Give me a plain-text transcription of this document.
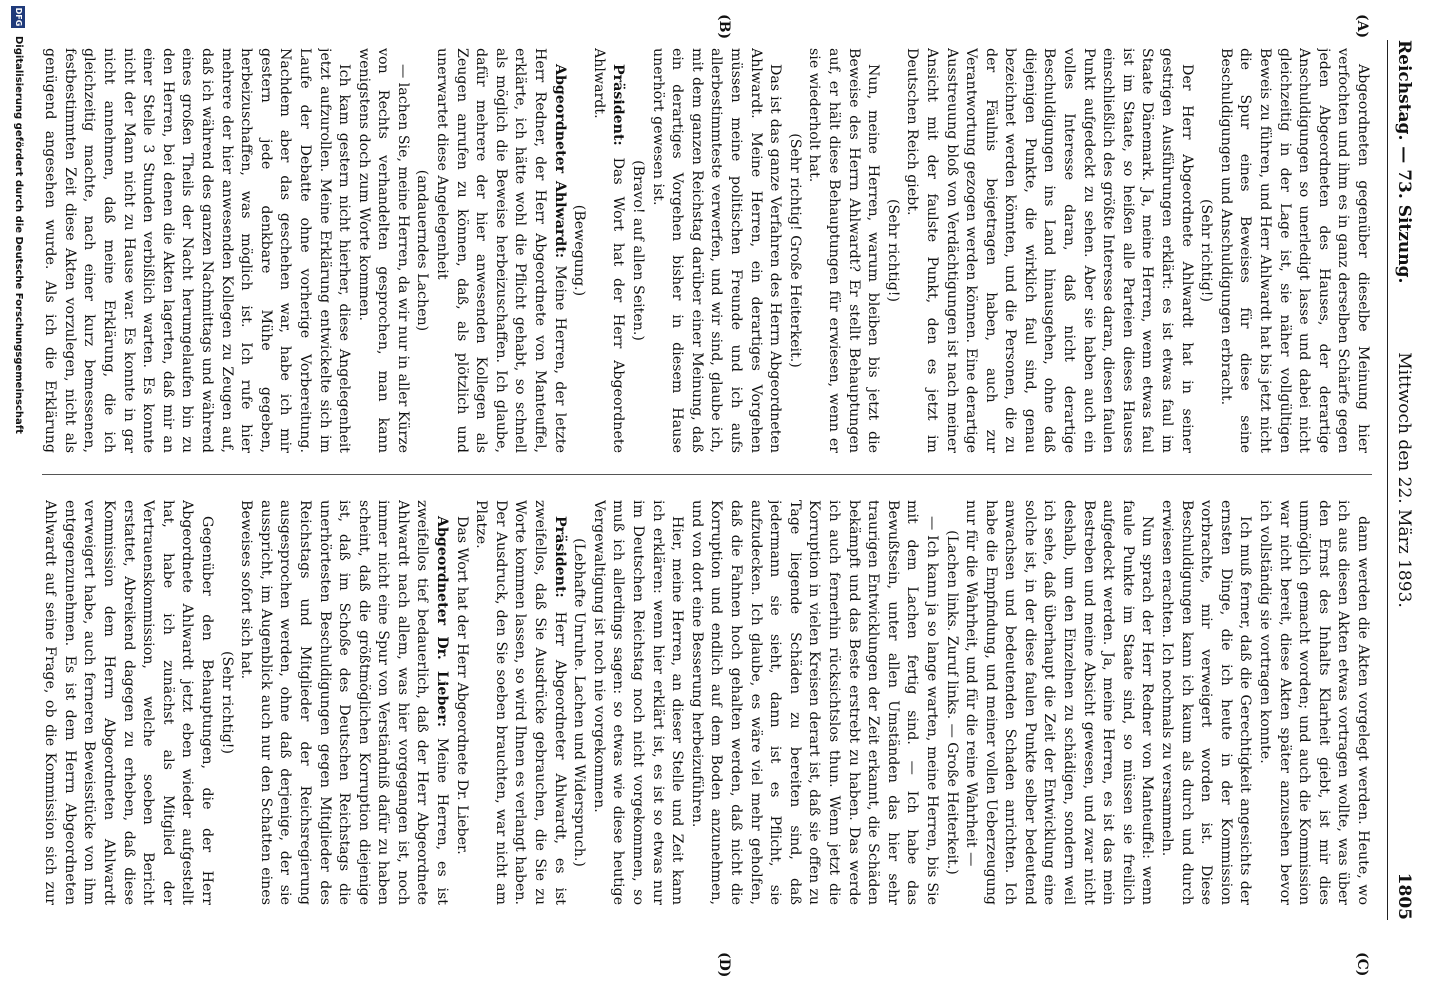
Reichstag. — 73. Sitzung.
Mittwoch den 22. März 1893.
1805
(A)
(B)
(C)
(D)

Abgeordneten gegenüber dieselbe Meinung hier verfochten und ihm es in ganz derselben Schärfe gegen jeden Abgeordneten des Hauses, der derartige Anschuldigungen so unerledigt lasse und dabei nicht gleichzeitig in der Lage ist, sie näher vollgültigen Beweis zu führen, und Herr Ahlwardt hat bis jetzt nicht die Spur eines Beweises für diese seine Beschuldigungen und Anschuldigungen erbracht.

(Sehr richtig!)

Der Herr Abgeordnete Ahlwardt hat in seiner gestrigen Ausführungen erklärt: es ist etwas faul im Staate Dänemark. Ja, meine Herren, wenn etwas faul ist im Staate, so heißen alle Parteien dieses Hauses einschließlich des größte Interesse daran, diesen faulen Punkt aufgedeckt zu sehen. Aber sie haben auch ein volles Interesse daran, daß nicht derartige Beschuldigungen ins Land hinausgehen, ohne daß diejenigen Punkte, die wirklich faul sind, genau bezeichnet werden könnten, und die Personen, die zu der Fäulnis beigetragen haben, auch zur Verantwortung gezogen werden können. Eine derartige Ausstreuung bloß von Verdächtigungen ist nach meiner Ansicht mit der faulste Punkt, den es jetzt im Deutschen Reich giebt.

(Sehr richtig!)

Nun, meine Herren, warum bleiben bis jetzt die Beweise des Herrn Ahlwardt? Er stellt Behauptungen auf, er hält diese Behauptungen für erwiesen, wenn er sie wiederholt hat.

(Sehr richtig! Große Heiterkeit.)

Das ist das ganze Verfahren des Herrn Abgeordneten Ahlwardt. Meine Herren, ein derartiges Vorgehen müssen meine politischen Freunde und ich aufs allerbestimmteste verwerfen, und wir sind, glaube ich, mit dem ganzen Reichstag darüber einer Meinung, daß ein derartiges Vorgehen bisher in diesem Hause unerhört gewesen ist.

(Bravo! auf allen Seiten.)

Präsident: Das Wort hat der Herr Abgeordnete Ahlwardt.

(Bewegung.)

Abgeordneter Ahlwardt: Meine Herren, der letzte Herr Redner, der Herr Abgeordnete von Manteuffel, erklärte, ich hätte wohl die Pflicht gehabt, so schnell als möglich die Beweise herbeizuschaffen. Ich glaube, dafür mehrere der hier anwesenden Kollegen als Zeugen anrufen zu können, daß, als plötzlich und unerwartet diese Angelegenheit

(andauerndes Lachen)

— lachen Sie, meine Herren, da wir nur in aller Kürze von Rechts verhandelten gesprochen, man kann wenigstens doch zum Worte kommen.

Ich kam gestern nicht hierher, diese Angelegenheit jetzt aufzurollen. Meine Erklärung entwickelte sich im Laufe der Debatte ohne vorherige Vorbereitung. Nachdem aber das geschehen war, habe ich mir gestern jede denkbare Mühe gegeben, herbeizuschaffen, was möglich ist. Ich rufe hier mehrere der hier anwesenden Kollegen zu Zeugen auf, daß ich während des ganzen Nachmittags und während eines großen Theils der Nacht herumgelaufen bin zu den Herren, bei denen die Akten lagerten, daß mir an einer Stelle 3 Stunden verbißlich warten. Es konnte nicht der Mann nicht zu Hause war. Es konnte in gar nicht annehmen, daß meine Erklärung, die ich gleichzeitig machte, nach einer kurz bemessenen, festbestimmten Zeit diese Akten vorzulegen, nicht als genügend angesehen wurde. Als ich die Erklärung

dann werden die Akten vorgelegt werden. Heute, wo ich aus diesen Akten etwas vortragen wollte, was über den Ernst des Inhalts Klarheit giebt, ist mir dies unmöglich gemacht worden; und auch die Kommission war nicht bereit, diese Akten später anzusehen bevor ich vollständig sie vortragen konnte.

Ich muß ferner, daß die Gerechtigkeit angesichts der ernsten Dinge, die ich heute in der Kommission vorbrachte, mir verweigert worden ist. Diese Beschuldigungen kann ich kaum als durch und durch erwiesen erachten. Ich nochmals zu versammeln.

Nun sprach der Herr Redner von Manteuffel: wenn faule Punkte im Staate sind, so müssen sie freilich aufgedeckt werden. Ja, meine Herren, es ist das mein Bestreben und meine Absicht gewesen, und zwar nicht deshalb, um den Einzelnen zu schädigen, sondern weil ich sehe, daß überhaupt die Zeit der Entwicklung eine solche ist, in der diese faulen Punkte selber bedeutend anwachsen und bedeutenden Schaden anrichten. Ich habe die Empfindung, und meiner vollen Ueberzeugung nur für die Wahrheit, und für die reine Wahrheit —

(Lachen links. Zuruf links. — Große Heiterkeit.)

— Ich kann ja so lange warten, meine Herren, bis Sie mit dem Lachen fertig sind. — Ich habe das Bewußtsein, unter allen Umständen das hier sehr traurigen Entwicklungen der Zeit erkannt, die Schäden bekämpft und das Beste erstrebt zu haben. Das werde ich auch fernerhin rücksichtslos thun. Wenn jetzt die Korruption in vielen Kreisen derart ist, daß sie offen zu Tage liegende Schäden zu bereiten sind, daß jedermann sie sieht, dann ist es Pflicht, sie aufzudecken. Ich glaube, es wäre viel mehr geholfen, daß die Fahnen hoch gehalten werden, daß nicht die Korruption und endlich auf dem Boden anzunehmen, und von dort eine Besserung herbeizuführen.

Hier, meine Herren, an dieser Stelle und Zeit kann ich erklären: wenn hier erklärt ist, es ist so etwas nur im Deutschen Reichstag noch nicht vorgekommen, so muß ich allerdings sagen: so etwas wie diese heutige Vergewaltigung ist noch nie vorgekommen.

(Lebhafte Unruhe. Lachen und Widerspruch.)

Präsident: Herr Abgeordneter Ahlwardt, es ist zweifellos, daß Sie Ausdrücke gebrauchen, die Sie zu Worte kommen lassen, so wird Ihnen es verlangt haben. Der Ausdruck, den Sie soeben brauchten, war nicht am Platze.

Das Wort hat der Herr Abgeordnete Dr. Lieber.

Abgeordneter Dr. Lieber: Meine Herren, es ist zweifellos tief bedauerlich, daß der Herr Abgeordnete Ahlwardt nach allem, was hier vorgegangen ist, noch immer nicht eine Spur von Verständniß dafür zu haben scheint, daß die größtmöglichen Korruption diejenige ist, daß im Schoße des Deutschen Reichstags die unerhörtesten Beschuldigungen gegen Mitglieder des Reichstags und Mitglieder der Reichsregierung ausgesprochen werden, ohne daß derjenige, der sie ausspricht, im Augenblick auch nur den Schatten eines Beweises sofort sich hat.

(Sehr richtig!)

Gegenüber den Behauptungen, die der Herr Abgeordnete Ahlwardt jetzt eben wieder aufgestellt hat, habe ich zunächst als Mitglied der Vertrauenskommission, welche soeben Bericht erstattet, Abreikend dagegen zu erheben, daß diese Kommission dem Herrn Abgeordneten Ahlwardt verweigert habe, auch ferneren Beweisstücke von ihm entgegenzunehmen. Es ist dem Herrn Abgeordneten Ahlwardt auf seine Frage, ob die Kommission sich zur

DFG
Digitalisierung gefördert durch die Deutsche Forschungsgemeinschaft
